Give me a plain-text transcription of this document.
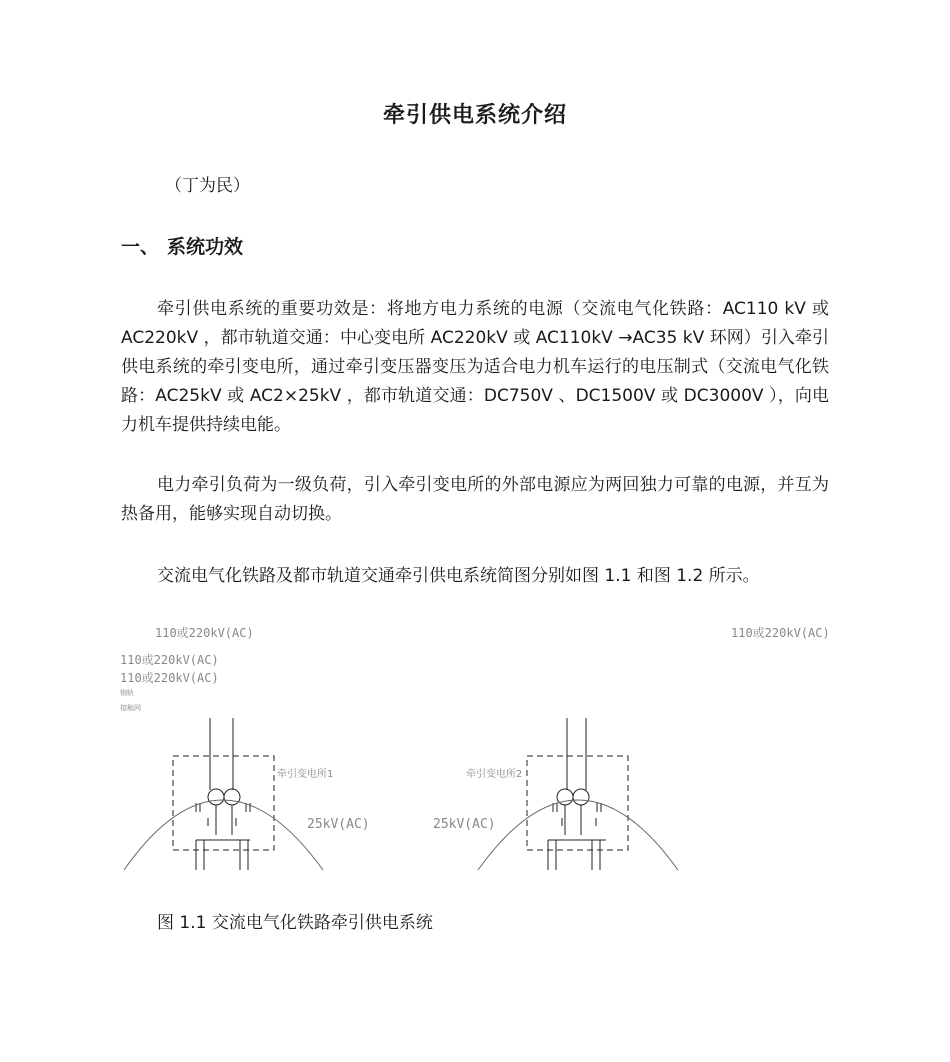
牵引供电系统介绍
（丁为民）
一、 系统功效

牵引供电系统的重要功效是：将地方电力系统的电源（交流电气化铁路：AC110 kV 或 AC220kV ，都市轨道交通：中心变电所 AC220kV 或 AC110kV →AC35 kV 环网）引入牵引供电系统的牵引变电所，通过牵引变压器变压为适合电力机车运行的电压制式（交流电气化铁路：AC25kV 或 AC2×25kV ，都市轨道交通：DC750V 、DC1500V 或 DC3000V ），向电力机车提供持续电能。

电力牵引负荷为一级负荷，引入牵引变电所的外部电源应为两回独力可靠的电源，并互为热备用，能够实现自动切换。

交流电气化铁路及都市轨道交通牵引供电系统简图分别如图 1.1 和图 1.2 所示。

110或220kV(AC)	110或220kV(AC)
110或220kV(AC)
110或220kV(AC)
钢轨
接触网
牵引变电所1	牵引变电所2
25kV(AC)	25kV(AC)
图 1.1 交流电气化铁路牵引供电系统
